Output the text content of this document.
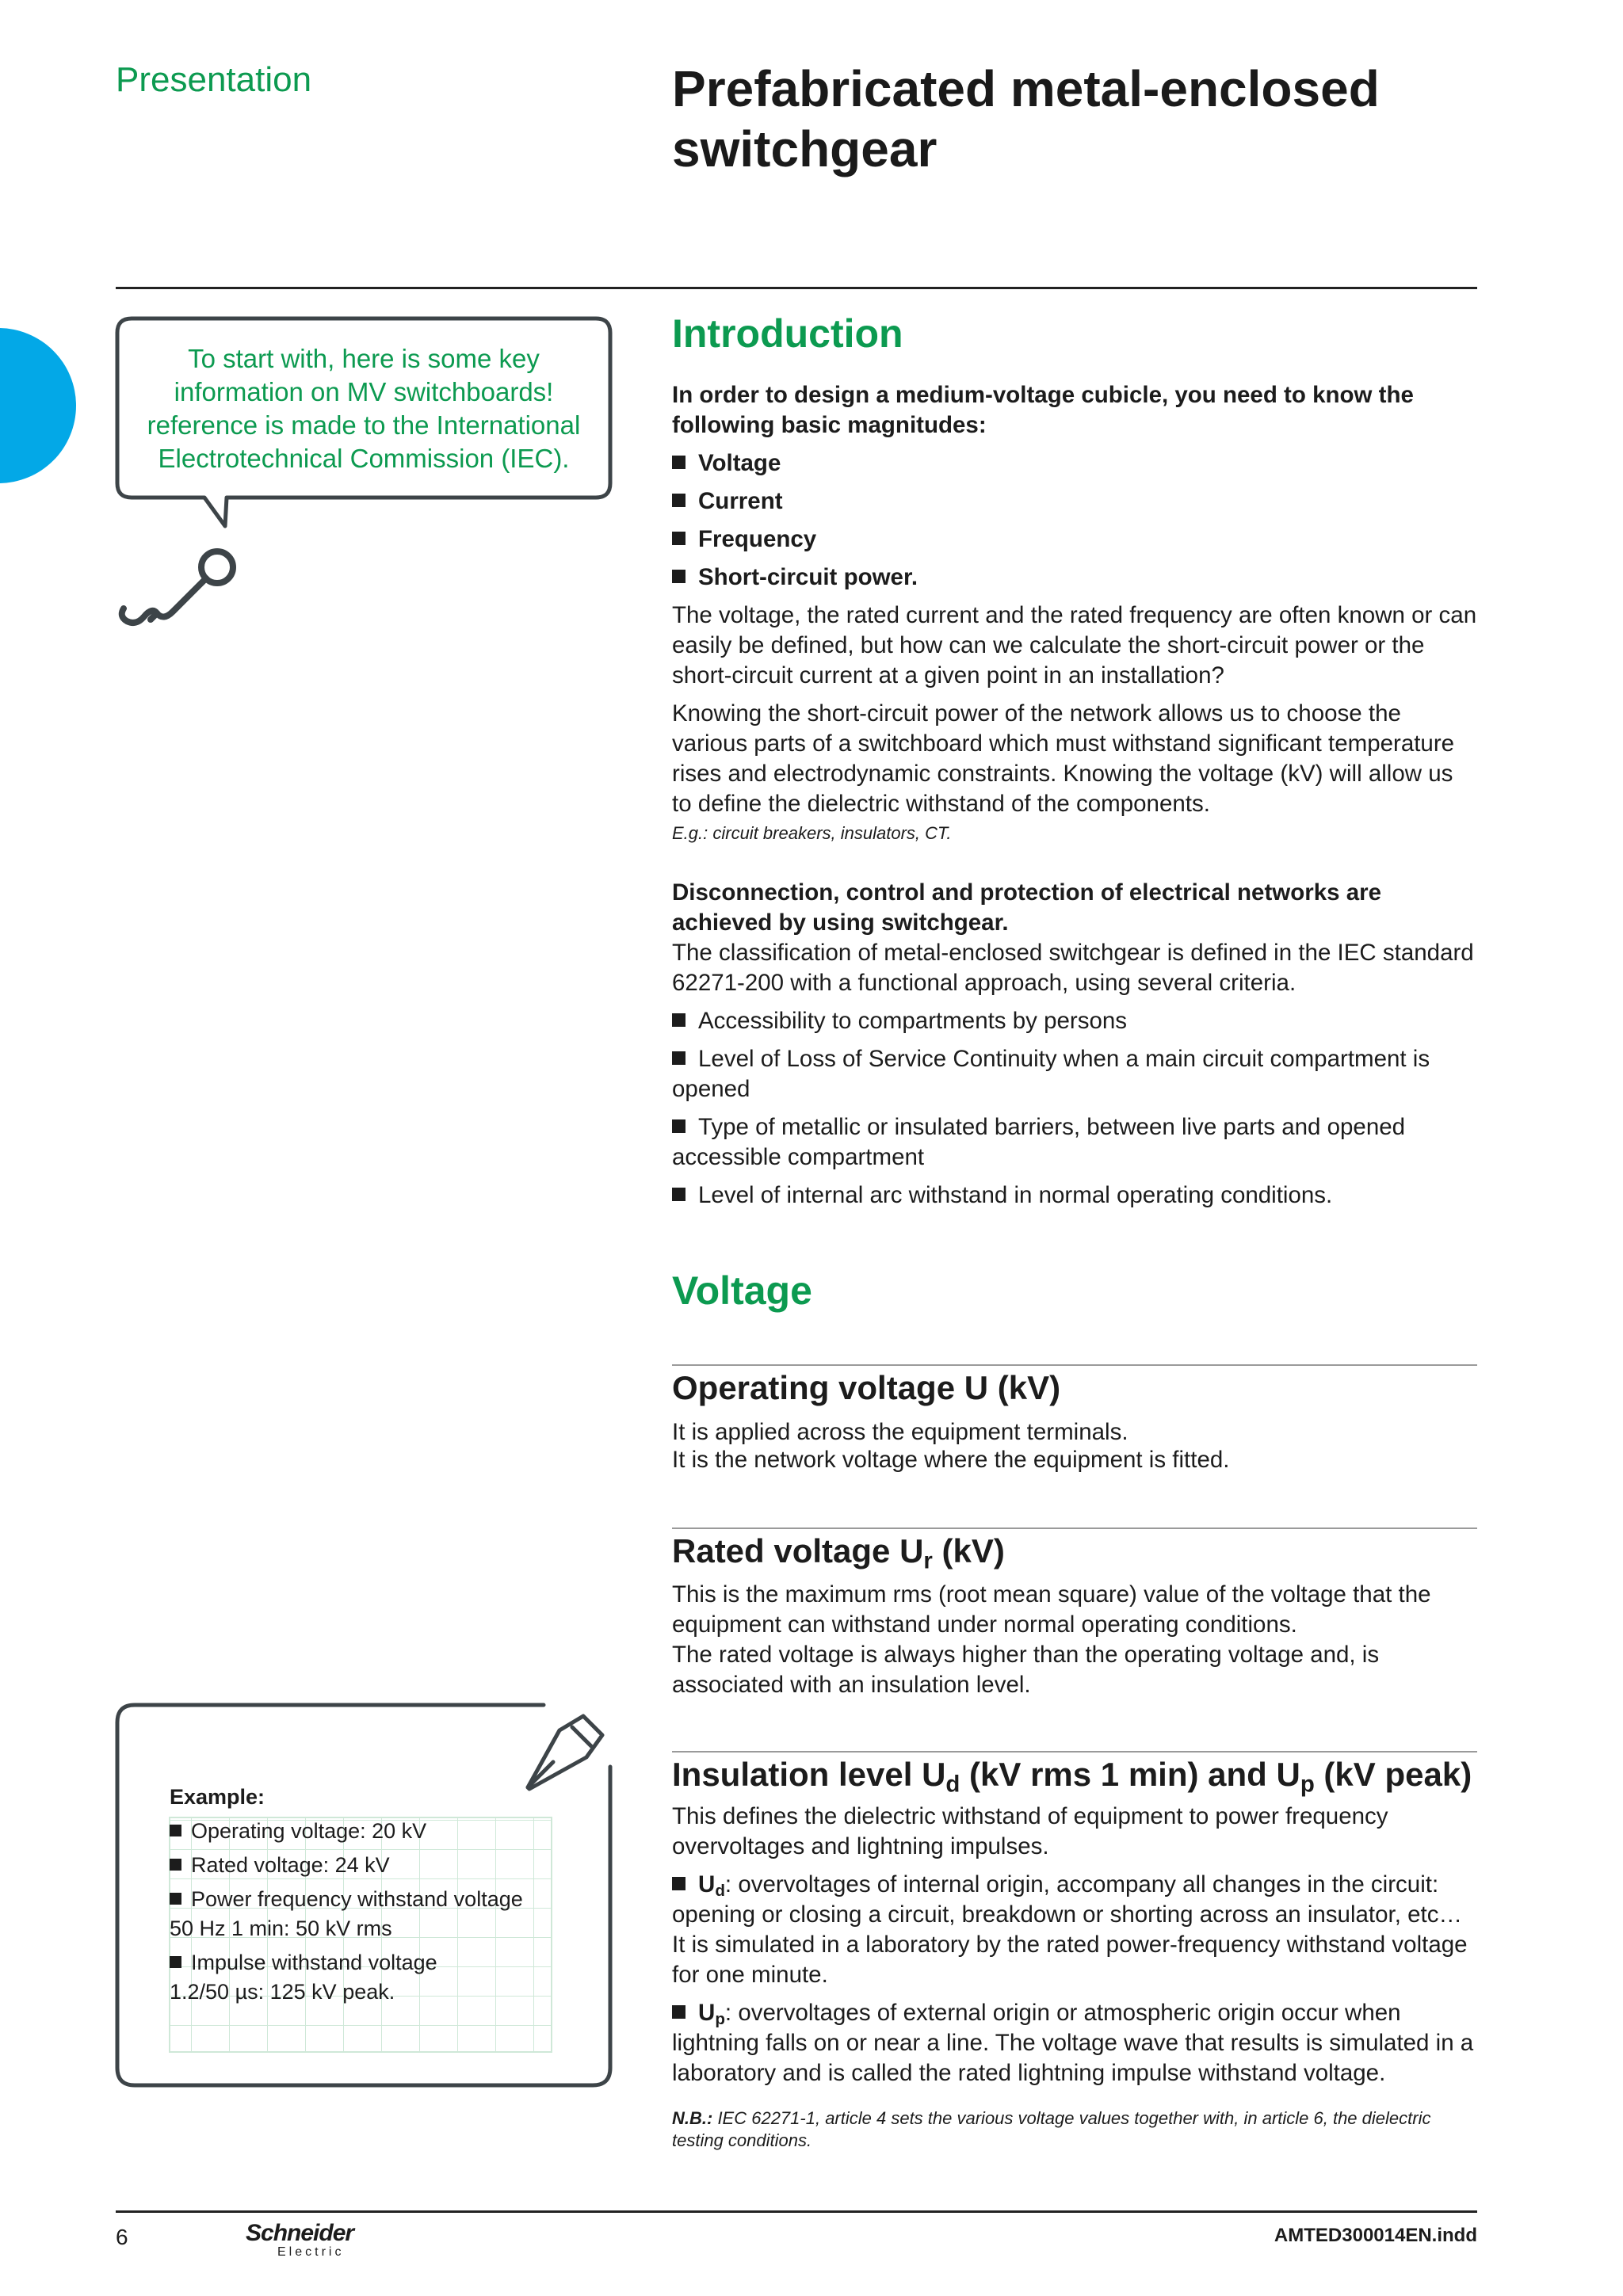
Presentation	Prefabricated metal-enclosed switchgear
To start with, here is some key information on MV switchboards! reference is made to the International Electrotechnical Commission (IEC).
Introduction

In order to design a medium-voltage cubicle, you need to know the following basic magnitudes:

Voltage
Current
Frequency
Short-circuit power.

The voltage, the rated current and the rated frequency are often known or can easily be defined, but how can we calculate the short-circuit power or the short-circuit current at a given point in an installation?

Knowing the short-circuit power of the network allows us to choose the various parts of a switchboard which must withstand significant temperature rises and electrodynamic constraints. Knowing the voltage (kV) will allow us to define the dielectric withstand of the components.

E.g.: circuit breakers, insulators, CT.

Disconnection, control and protection of electrical networks are achieved by using switchgear.

The classification of metal-enclosed switchgear is defined in the IEC standard 62271-200 with a functional approach, using several criteria.

Accessibility to compartments by persons
Level of Loss of Service Continuity when a main circuit compartment is opened
Type of metallic or insulated barriers, between live parts and opened accessible compartment
Level of internal arc withstand in normal operating conditions.
Voltage
Operating voltage U (kV)

It is applied across the equipment terminals.

It is the network voltage where the equipment is fitted.

Rated voltage $U_r$ (kV)

This is the maximum rms (root mean square) value of the voltage that the equipment can withstand under normal operating conditions.

The rated voltage is always higher than the operating voltage and, is associated with an insulation level.

Insulation level $U_d$ (kV rms 1 min) and $U_p$ (kV peak)

This defines the dielectric withstand of equipment to power frequency overvoltages and lightning impulses.

$U_d$: overvoltages of internal origin, accompany all changes in the circuit: opening or closing a circuit, breakdown or shorting across an insulator, etc…

It is simulated in a laboratory by the rated power-frequency withstand voltage for one minute.

$U_p$: overvoltages of external origin or atmospheric origin occur when lightning falls on or near a line. The voltage wave that results is simulated in a laboratory and is called the rated lightning impulse withstand voltage.

N.B.: IEC 62271-1, article 4 sets the various voltage values together with, in article 6, the dielectric testing conditions.

Example:
Operating voltage: 20 kV
Rated voltage: 24 kV
Power frequency withstand voltage 50 Hz 1 min: 50 kV rms
Impulse withstand voltage 1.2/50 µs: 125 kV peak.
6	Schneider
Electric
AMTED300014EN.indd
